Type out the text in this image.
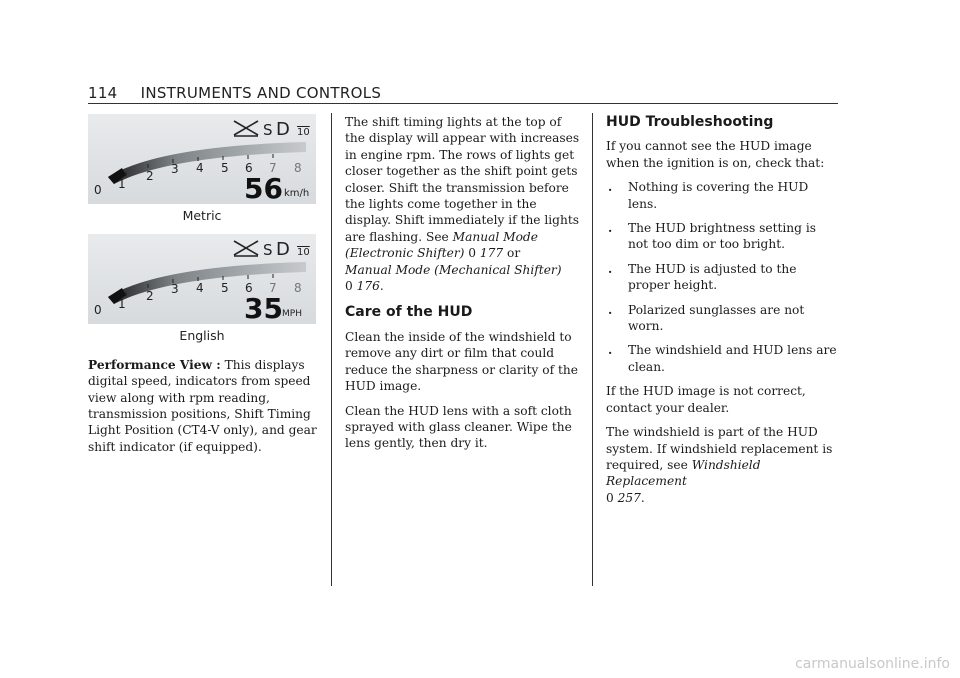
114 INSTRUMENTS AND CONTROLS
0 1
2 3 4 5 6 7 8
S D 10
56 km/h
Metric
0 1
2 3 4 5 6 7 8
S D 10
35 MPH
English

Performance View : This displays digital speed, indicators from speed view along with rpm reading, transmission positions, Shift Timing Light Position (CT4-V only), and gear shift indicator (if equipped).

The shift timing lights at the top of the display will appear with increases in engine rpm. The rows of lights get closer together as the shift point gets closer. Shift the transmission before the lights come together in the display. Shift immediately if the lights are flashing. See Manual Mode (Electronic Shifter) 0 177 or
Manual Mode (Mechanical Shifter)
0 176.

Care of the HUD

Clean the inside of the windshield to remove any dirt or film that could reduce the sharpness or clarity of the HUD image.

Clean the HUD lens with a soft cloth sprayed with glass cleaner. Wipe the lens gently, then dry it.

HUD Troubleshooting

If you cannot see the HUD image when the ignition is on, check that:

. Nothing is covering the HUD lens.
. The HUD brightness setting is not too dim or too bright.
. The HUD is adjusted to the proper height.
. Polarized sunglasses are not worn.
. The windshield and HUD lens are clean.

If the HUD image is not correct, contact your dealer.

The windshield is part of the HUD system. If windshield replacement is required, see Windshield Replacement
0 257.

carmanualsonline.info
